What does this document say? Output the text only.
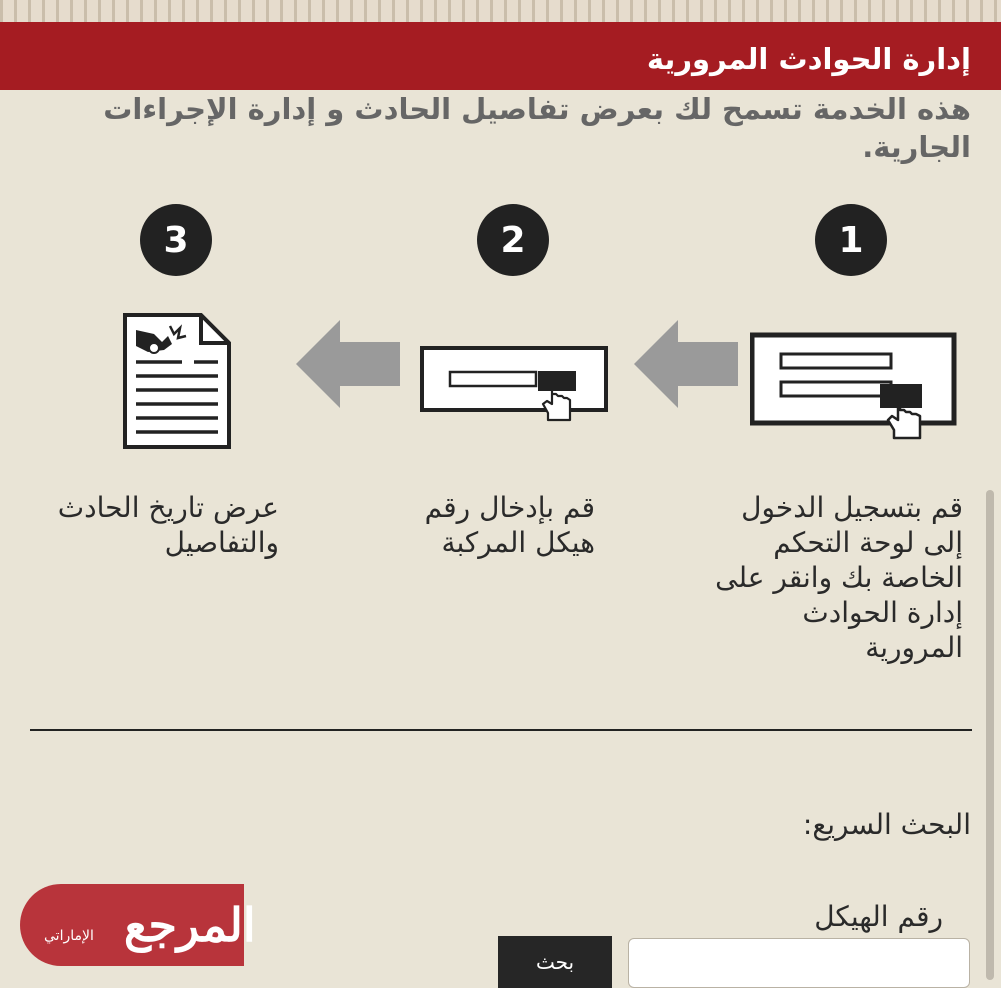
إدارة الحوادث المرورية
هذه الخدمة تسمح لك بعرض تفاصيل الحادث و إدارة الإجراءات الجارية.
1
2
3
قم بتسجيل الدخول إلى لوحة التحكم الخاصة بك وانقر على إدارة الحوادث المرورية
قم بإدخال رقم هيكل المركبة
عرض تاريخ الحادث والتفاصيل
البحث السريع:
رقم الهيكل
بحث
المرجع
الإماراتي
